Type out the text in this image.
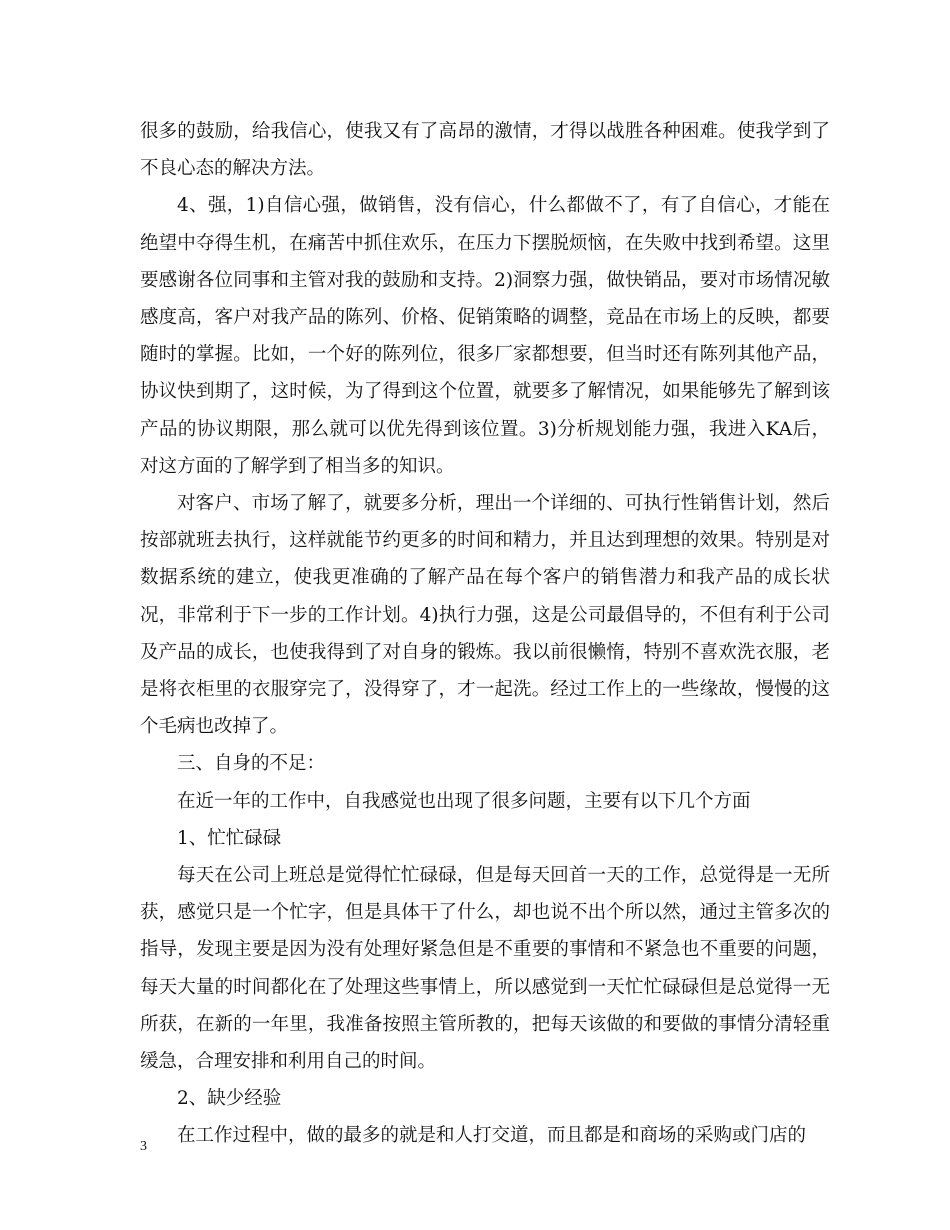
很多的鼓励，给我信心，使我又有了高昂的激情，才得以战胜各种困难。使我学到了不良心态的解决方法。

4、强，1)自信心强，做销售，没有信心，什么都做不了，有了自信心，才能在绝望中夺得生机，在痛苦中抓住欢乐，在压力下摆脱烦恼，在失败中找到希望。这里要感谢各位同事和主管对我的鼓励和支持。2)洞察力强，做快销品，要对市场情况敏感度高，客户对我产品的陈列、价格、促销策略的调整，竞品在市场上的反映，都要随时的掌握。比如，一个好的陈列位，很多厂家都想要，但当时还有陈列其他产品，协议快到期了，这时候，为了得到这个位置，就要多了解情况，如果能够先了解到该产品的协议期限，那么就可以优先得到该位置。3)分析规划能力强，我进入KA后，对这方面的了解学到了相当多的知识。

对客户、市场了解了，就要多分析，理出一个详细的、可执行性销售计划，然后按部就班去执行，这样就能节约更多的时间和精力，并且达到理想的效果。特别是对数据系统的建立，使我更准确的了解产品在每个客户的销售潜力和我产品的成长状况，非常利于下一步的工作计划。4)执行力强，这是公司最倡导的，不但有利于公司及产品的成长，也使我得到了对自身的锻炼。我以前很懒惰，特别不喜欢洗衣服，老是将衣柜里的衣服穿完了，没得穿了，才一起洗。经过工作上的一些缘故，慢慢的这个毛病也改掉了。

三、自身的不足：

在近一年的工作中，自我感觉也出现了很多问题，主要有以下几个方面

1、忙忙碌碌

每天在公司上班总是觉得忙忙碌碌，但是每天回首一天的工作，总觉得是一无所获，感觉只是一个忙字，但是具体干了什么，却也说不出个所以然，通过主管多次的指导，发现主要是因为没有处理好紧急但是不重要的事情和不紧急也不重要的问题，每天大量的时间都化在了处理这些事情上，所以感觉到一天忙忙碌碌但是总觉得一无所获，在新的一年里，我准备按照主管所教的，把每天该做的和要做的事情分清轻重缓急，合理安排和利用自己的时间。

2、缺少经验

在工作过程中，做的最多的就是和人打交道，而且都是和商场的采购或门店的

3
